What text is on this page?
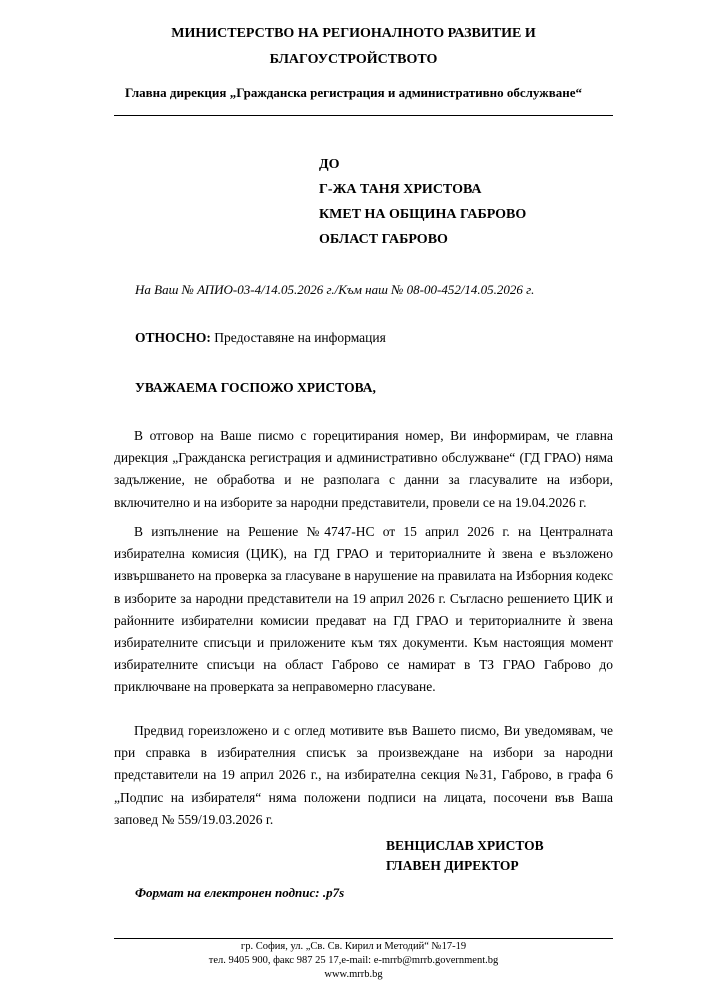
МИНИСТЕРСТВО НА РЕГИОНАЛНОТО РАЗВИТИЕ И
БЛАГОУСТРОЙСТВОТО
Главна дирекция „Гражданска регистрация и административно обслужване“
ДО
Г-ЖА ТАНЯ ХРИСТОВА
КМЕТ НА ОБЩИНА ГАБРОВО
ОБЛАСТ ГАБРОВО
На Ваш № АПИО-03-4/14.05.2026 г./Към наш № 08-00-452/14.05.2026 г.
ОТНОСНО: Предоставяне на информация
УВАЖАЕМА ГОСПОЖО ХРИСТОВА,
В отговор на Ваше писмо с горецитирания номер, Ви информирам, че главна дирекция „Гражданска регистрация и административно обслужване“ (ГД ГРАО) няма задължение, не обработва и не разполага с данни за гласувалите на избори, включително и на изборите за народни представители, провели се на 19.04.2026 г.
В изпълнение на Решение №4747-НС от 15 април 2026 г. на Централната избирателна комисия (ЦИК), на ГД ГРАО и териториалните ѝ звена е възложено извършването на проверка за гласуване в нарушение на правилата на Изборния кодекс в изборите за народни представители на 19 април 2026 г. Съгласно решението ЦИК и районните избирателни комисии предават на ГД ГРАО и териториалните ѝ звена избирателните списъци и приложените към тях документи. Към настоящия момент избирателните списъци на област Габрово се намират в ТЗ ГРАО Габрово до приключване на проверката за неправомерно гласуване.
Предвид гореизложено и с оглед мотивите във Вашето писмо, Ви уведомявам, че при справка в избирателния списък за произвеждане на избори за народни представители на 19 април 2026 г., на избирателна секция №31, Габрово, в графа 6 „Подпис на избирателя“ няма положени подписи на лицата, посочени във Ваша заповед № 559/19.03.2026 г.
ВЕНЦИСЛАВ ХРИСТОВ
ГЛАВЕН ДИРЕКТОР
Формат на електронен подпис: .p7s
гр. София, ул. „Св. Св. Кирил и Методий“ №17-19
тел. 9405 900, факс 987 25 17,e-mail: e-mrrb@mrrb.government.bg
www.mrrb.bg
